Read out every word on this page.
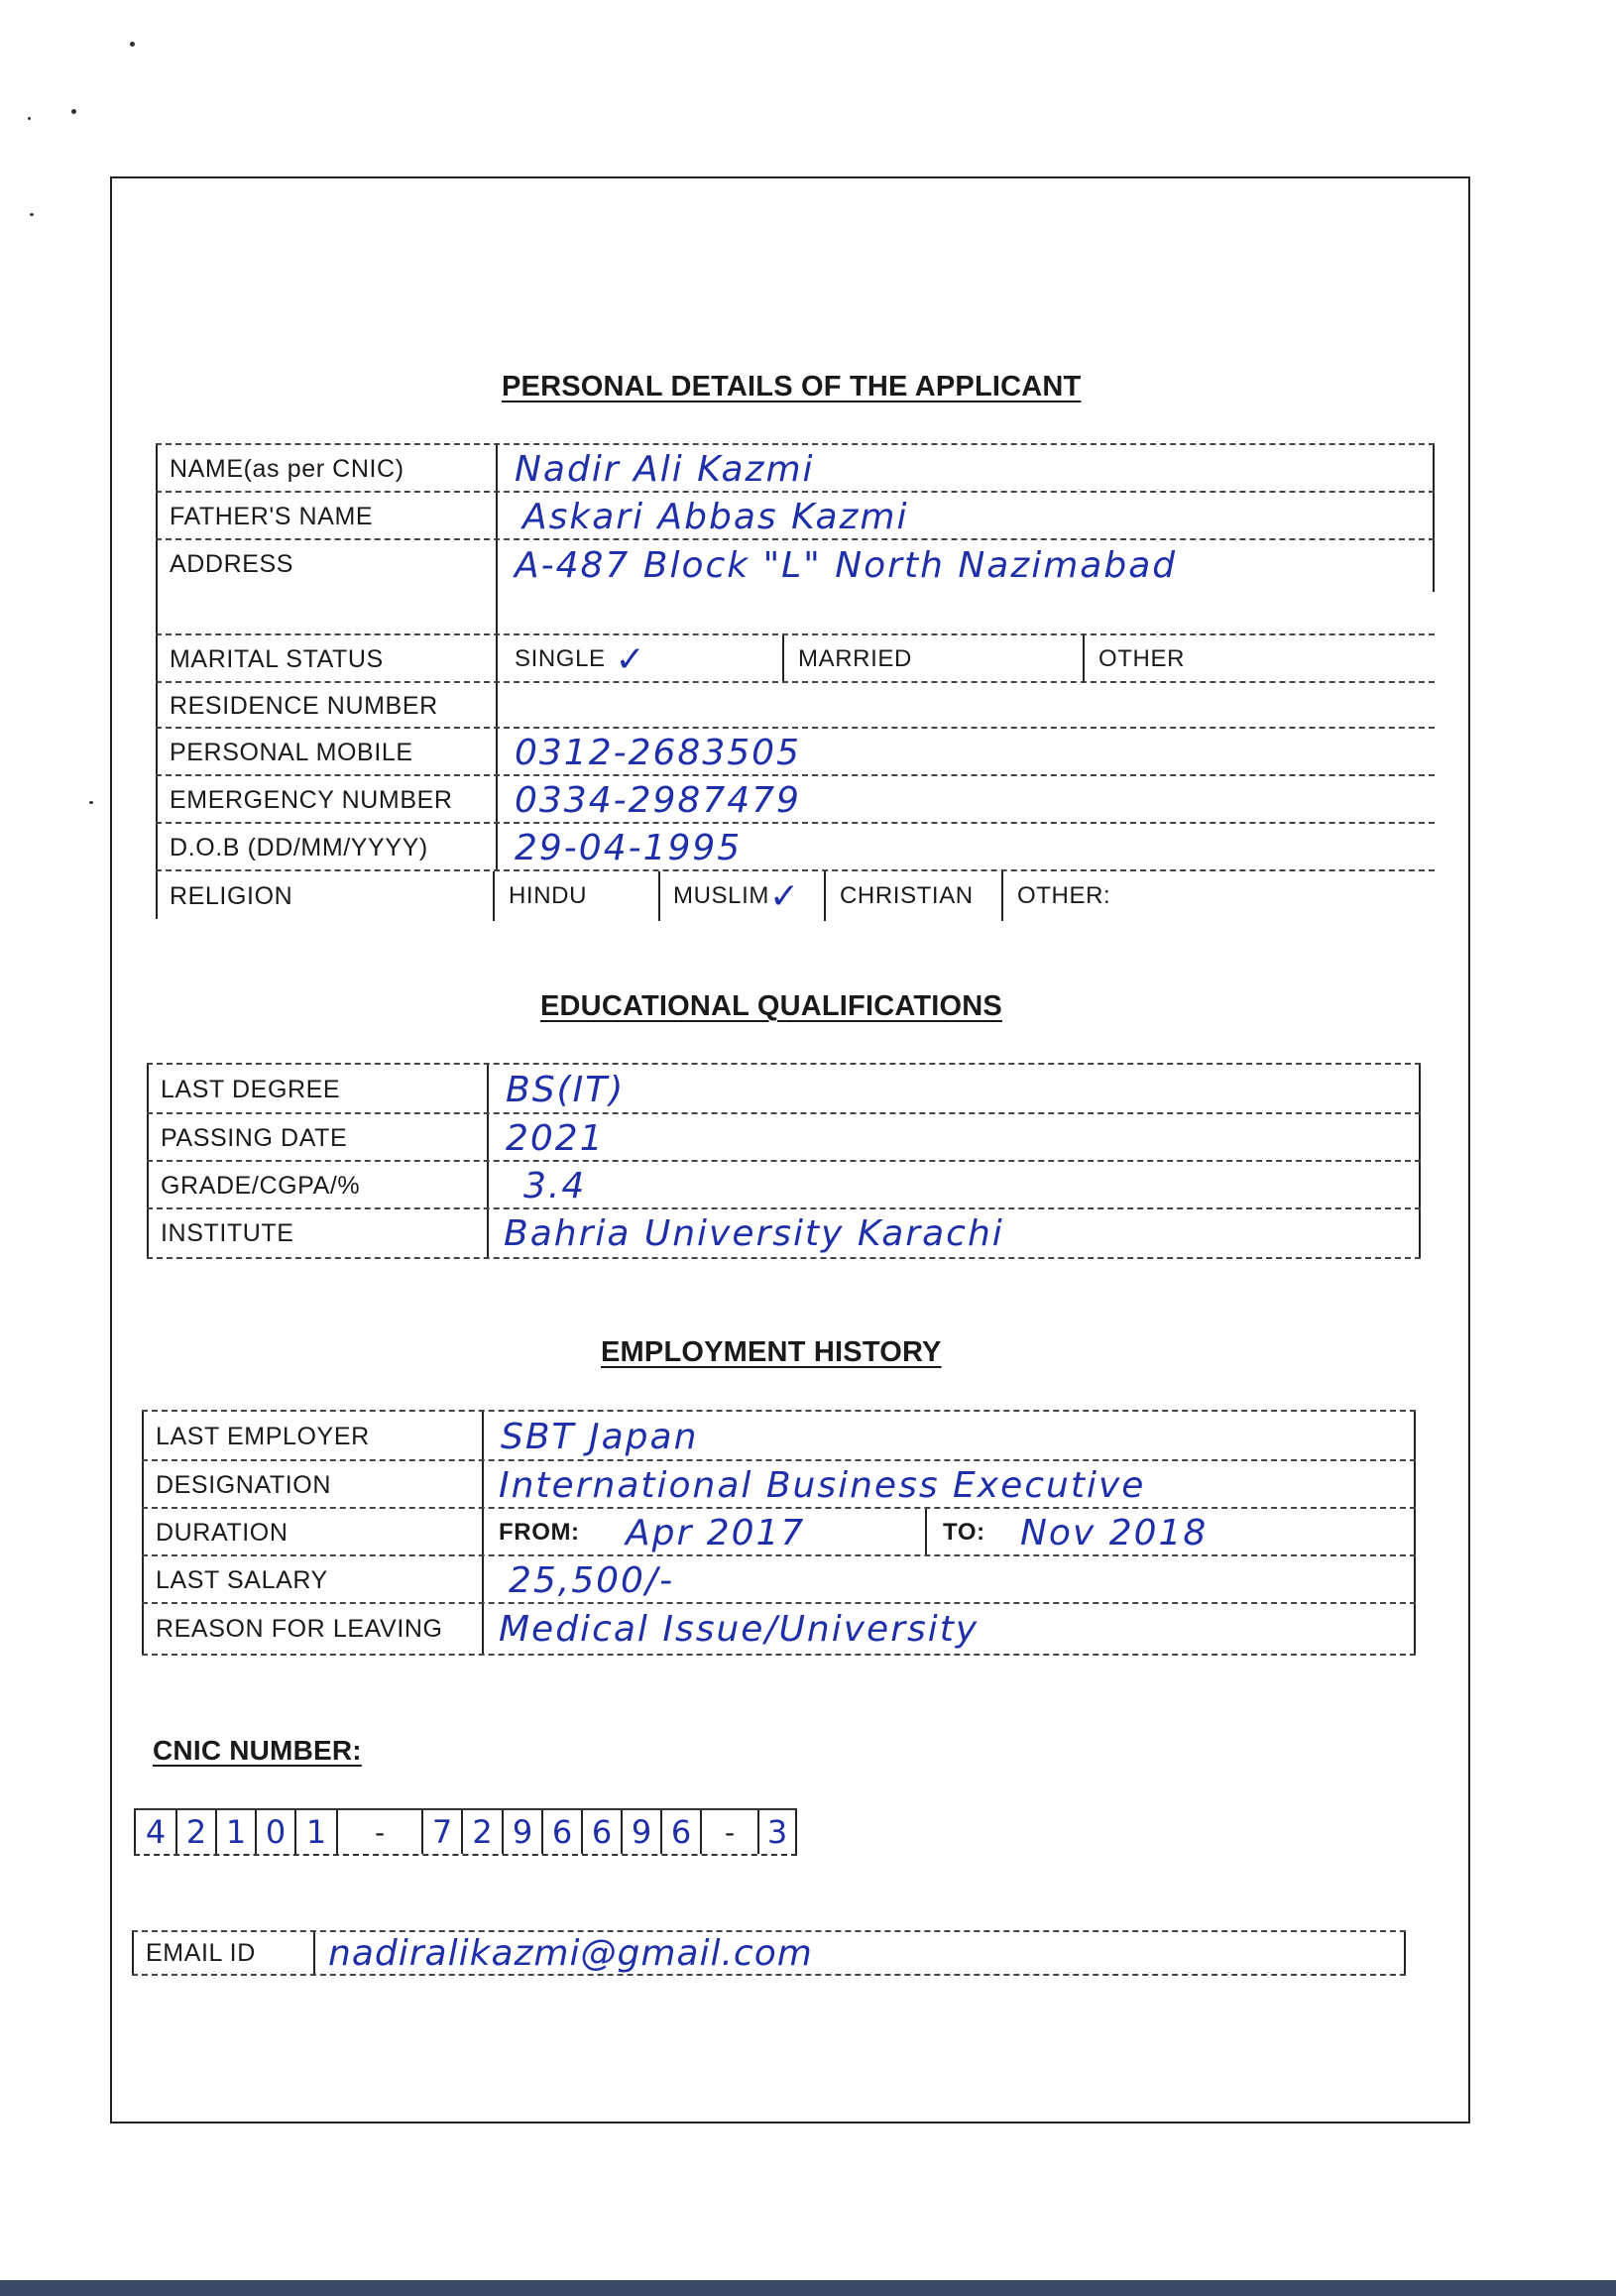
PERSONAL DETAILS OF THE APPLICANT
NAME(as per CNIC)	Nadir Ali Kazmi
FATHER'S NAME	Askari Abbas Kazmi
ADDRESS	A-487 Block "L" North Nazimabad
MARITAL STATUS	SINGLE ✓	MARRIED	OTHER
RESIDENCE NUMBER
PERSONAL MOBILE	0312-2683505
EMERGENCY NUMBER	0334-2987479
D.O.B (DD/MM/YYYY)	29-04-1995
RELIGION	HINDU	MUSLIM ✓ CHRISTIAN OTHER:
EDUCATIONAL QUALIFICATIONS
LAST DEGREE	BS(IT)
PASSING DATE	2021
GRADE/CGPA/%	3.4
INSTITUTE	Bahria University Karachi
EMPLOYMENT HISTORY
LAST EMPLOYER	SBT Japan
DESIGNATION	International Business Executive
DURATION	FROM: Apr 2017	TO: Nov 2018
LAST SALARY	25,500/-
REASON FOR LEAVING	Medical Issue/University
CNIC NUMBER:
4 2 1 0 1	-	7 2 9 6 6 9 6	-	3
EMAIL ID	nadiralikazmi@gmail.com
